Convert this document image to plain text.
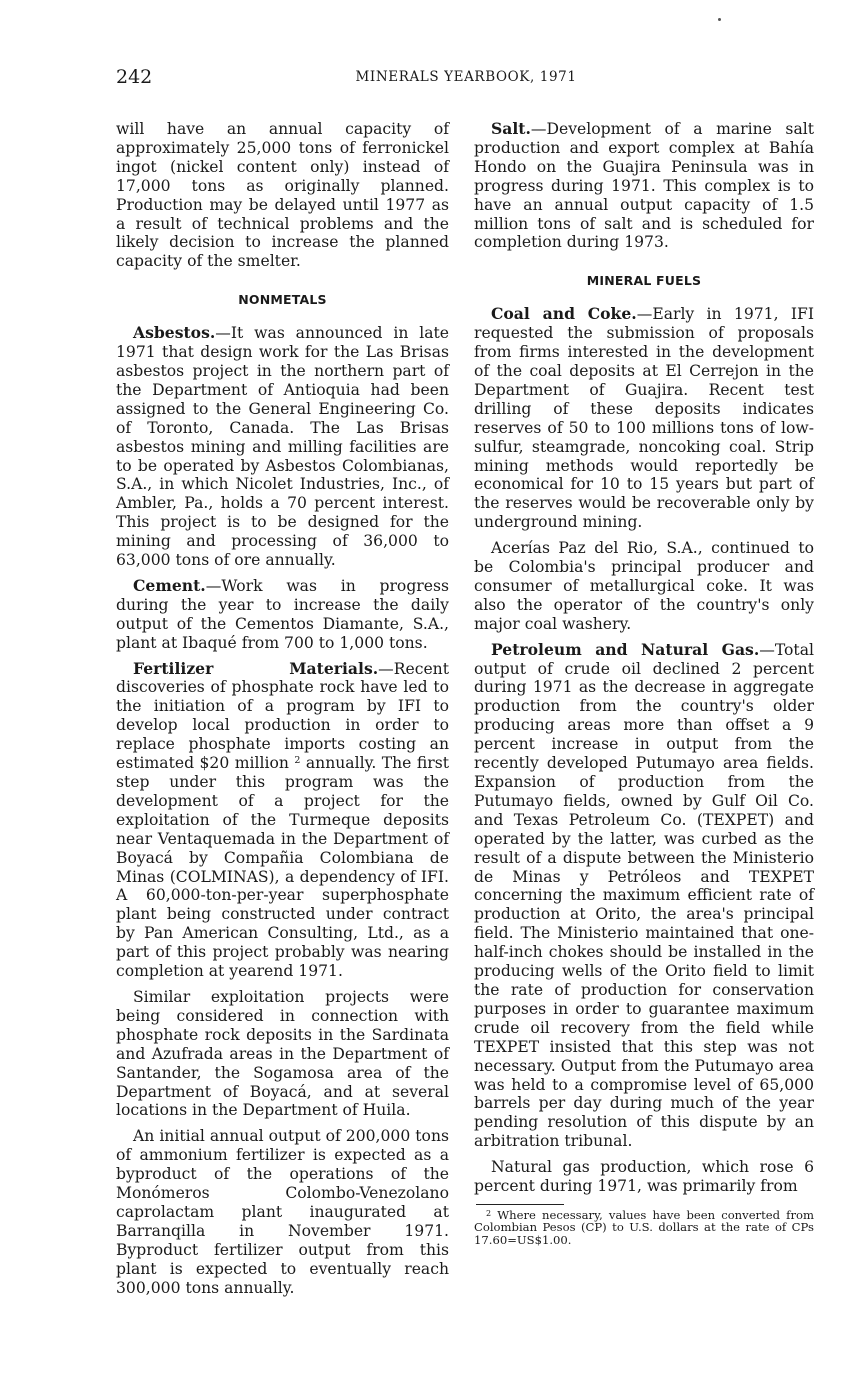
242	MINERALS YEARBOOK, 1971

will have an annual capacity of approximately 25,000 tons of ferronickel ingot (nickel content only) instead of 17,000 tons as originally planned. Production may be delayed until 1977 as a result of technical problems and the likely decision to increase the planned capacity of the smelter.

NONMETALS

Asbestos.—It was announced in late 1971 that design work for the Las Brisas asbestos project in the northern part of the Department of Antioquia had been assigned to the General Engineering Co. of Toronto, Canada. The Las Brisas asbestos mining and milling facilities are to be operated by Asbestos Colombianas, S.A., in which Nicolet Industries, Inc., of Ambler, Pa., holds a 70 percent interest. This project is to be designed for the mining and processing of 36,000 to 63,000 tons of ore annually.

Cement.—Work was in progress during the year to increase the daily output of the Cementos Diamante, S.A., plant at Ibaqué from 700 to 1,000 tons.

Fertilizer Materials.—Recent discoveries of phosphate rock have led to the initiation of a program by IFI to develop local production in order to replace phosphate imports costing an estimated $20 million $^2$ annually. The first step under this program was the development of a project for the exploitation of the Turmeque deposits near Ventaquemada in the Department of Boyacá by Compañia Colombiana de Minas (COLMINAS), a dependency of IFI. A 60,000-ton-per-year superphosphate plant being constructed under contract by Pan American Consulting, Ltd., as a part of this project probably was nearing completion at yearend 1971.

Similar exploitation projects were being considered in connection with phosphate rock deposits in the Sardinata and Azufrada areas in the Department of Santander, the Sogamosa area of the Department of Boyacá, and at several locations in the Department of Huila.

An initial annual output of 200,000 tons of ammonium fertilizer is expected as a byproduct of the operations of the Monómeros Colombo-Venezolano caprolactam plant inaugurated at Barranqilla in November 1971. Byproduct fertilizer output from this plant is expected to eventually reach 300,000 tons annually.

Salt.—Development of a marine salt production and export complex at Bahía Hondo on the Guajira Peninsula was in progress during 1971. This complex is to have an annual output capacity of 1.5 million tons of salt and is scheduled for completion during 1973.

MINERAL FUELS

Coal and Coke.—Early in 1971, IFI requested the submission of proposals from firms interested in the development of the coal deposits at El Cerrejon in the Department of Guajira. Recent test drilling of these deposits indicates reserves of 50 to 100 millions tons of low-sulfur, steamgrade, noncoking coal. Strip mining methods would reportedly be economical for 10 to 15 years but part of the reserves would be recoverable only by underground mining.

Acerías Paz del Rio, S.A., continued to be Colombia's principal producer and consumer of metallurgical coke. It was also the operator of the country's only major coal washery.

Petroleum and Natural Gas.—Total output of crude oil declined 2 percent during 1971 as the decrease in aggregate production from the country's older producing areas more than offset a 9 percent increase in output from the recently developed Putumayo area fields. Expansion of production from the Putumayo fields, owned by Gulf Oil Co. and Texas Petroleum Co. (TEXPET) and operated by the latter, was curbed as the result of a dispute between the Ministerio de Minas y Petróleos and TEXPET concerning the maximum efficient rate of production at Orito, the area's principal field. The Ministerio maintained that one-half-inch chokes should be installed in the producing wells of the Orito field to limit the rate of production for conservation purposes in order to guarantee maximum crude oil recovery from the field while TEXPET insisted that this step was not necessary. Output from the Putumayo area was held to a compromise level of 65,000 barrels per day during much of the year pending resolution of this dispute by an arbitration tribunal.

Natural gas production, which rose 6 percent during 1971, was primarily from

$^2$ Where necessary, values have been converted from Colombian Pesos (CP) to U.S. dollars at the rate of CPs 17.60=US$1.00.
